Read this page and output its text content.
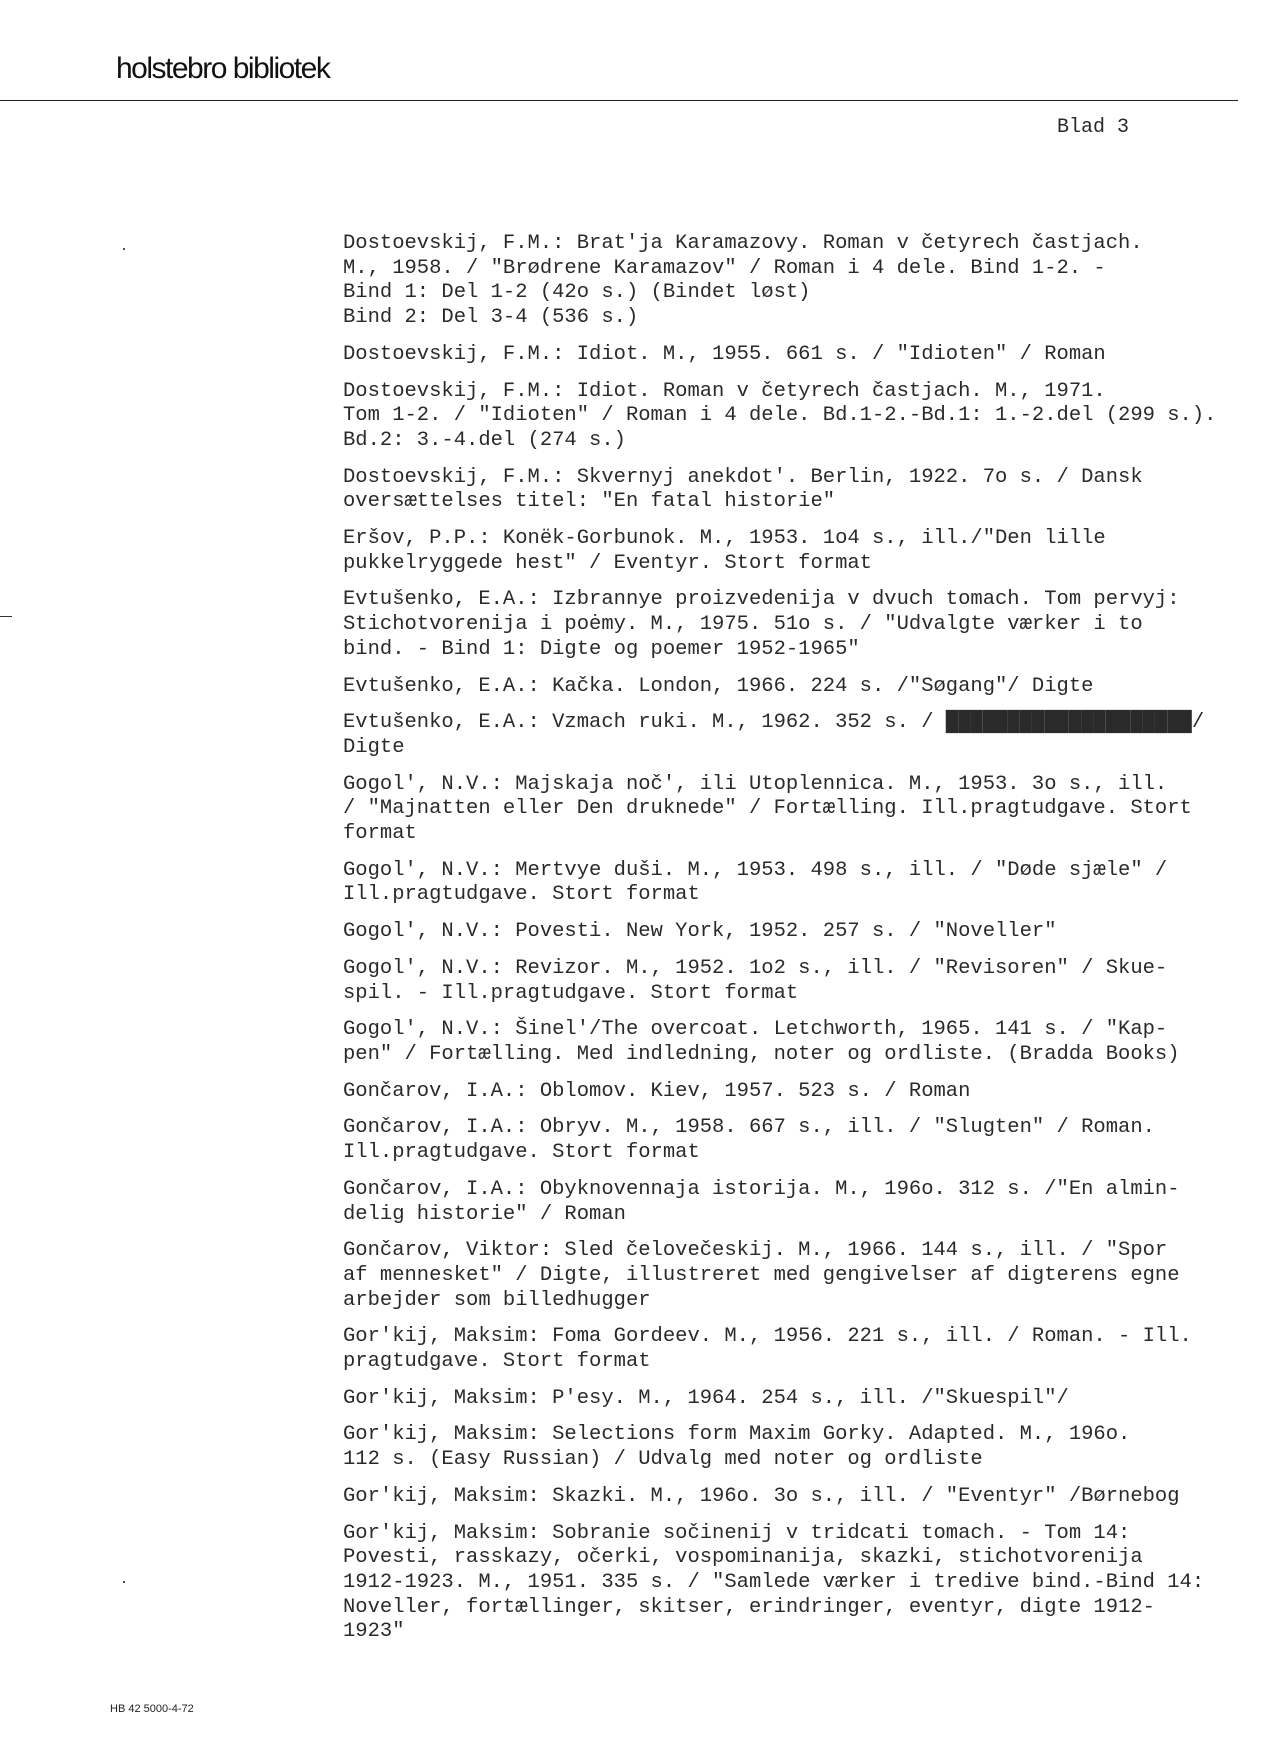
holstebro bibliotek
Blad 3
·
·
Dostoevskij, F.M.: Brat'ja Karamazovy. Roman v četyrech častjach.
M., 1958. / "Brødrene Karamazov" / Roman i 4 dele. Bind 1-2. -
Bind 1: Del 1-2 (42o s.) (Bindet løst)
Bind 2: Del 3-4 (536 s.)
Dostoevskij, F.M.: Idiot. M., 1955. 661 s. / "Idioten" / Roman
Dostoevskij, F.M.: Idiot. Roman v četyrech častjach. M., 1971.
Tom 1-2. / "Idioten" / Roman i 4 dele. Bd.1-2.-Bd.1: 1.-2.del (299 s.).
Bd.2: 3.-4.del (274 s.)
Dostoevskij, F.M.: Skvernyj anekdot'. Berlin, 1922. 7o s. / Dansk
oversættelses titel: "En fatal historie"
Eršov, P.P.: Konëk-Gorbunok. M., 1953. 1o4 s., ill./"Den lille
pukkelryggede hest" / Eventyr. Stort format
Evtušenko, E.A.: Izbrannye proizvedenija v dvuch tomach. Tom pervyj:
Stichotvorenija i poėmy. M., 1975. 51o s. / "Udvalgte værker i to
bind. - Bind 1: Digte og poemer 1952-1965"
Evtušenko, E.A.: Kačka. London, 1966. 224 s. /"Søgang"/ Digte
Evtušenko, E.A.: Vzmach ruki. M., 1962. 352 s. / ████████████████████/
Digte
Gogol', N.V.: Majskaja noč', ili Utoplennica. M., 1953. 3o s., ill.
/ "Majnatten eller Den druknede" / Fortælling. Ill.pragtudgave. Stort
format
Gogol', N.V.: Mertvye duši. M., 1953. 498 s., ill. / "Døde sjæle" /
Ill.pragtudgave. Stort format
Gogol', N.V.: Povesti. New York, 1952. 257 s. / "Noveller"
Gogol', N.V.: Revizor. M., 1952. 1o2 s., ill. / "Revisoren" / Skue-
spil. - Ill.pragtudgave. Stort format
Gogol', N.V.: Šinel'/The overcoat. Letchworth, 1965. 141 s. / "Kap-
pen" / Fortælling. Med indledning, noter og ordliste. (Bradda Books)
Gončarov, I.A.: Oblomov. Kiev, 1957. 523 s. / Roman
Gončarov, I.A.: Obryv. M., 1958. 667 s., ill. / "Slugten" / Roman.
Ill.pragtudgave. Stort format
Gončarov, I.A.: Obyknovennaja istorija. M., 196o. 312 s. /"En almin-
delig historie" / Roman
Gončarov, Viktor: Sled čelovečeskij. M., 1966. 144 s., ill. / "Spor
af mennesket" / Digte, illustreret med gengivelser af digterens egne
arbejder som billedhugger
Gor'kij, Maksim: Foma Gordeev. M., 1956. 221 s., ill. / Roman. - Ill.
pragtudgave. Stort format
Gor'kij, Maksim: P'esy. M., 1964. 254 s., ill. /"Skuespil"/
Gor'kij, Maksim: Selections form Maxim Gorky. Adapted. M., 196o.
112 s. (Easy Russian) / Udvalg med noter og ordliste
Gor'kij, Maksim: Skazki. M., 196o. 3o s., ill. / "Eventyr" /Børnebog
Gor'kij, Maksim: Sobranie sočinenij v tridcati tomach. - Tom 14:
Povesti, rasskazy, očerki, vospominanija, skazki, stichotvorenija
1912-1923. M., 1951. 335 s. / "Samlede værker i tredive bind.-Bind 14:
Noveller, fortællinger, skitser, erindringer, eventyr, digte 1912-
1923"
HB 42 5000-4-72
